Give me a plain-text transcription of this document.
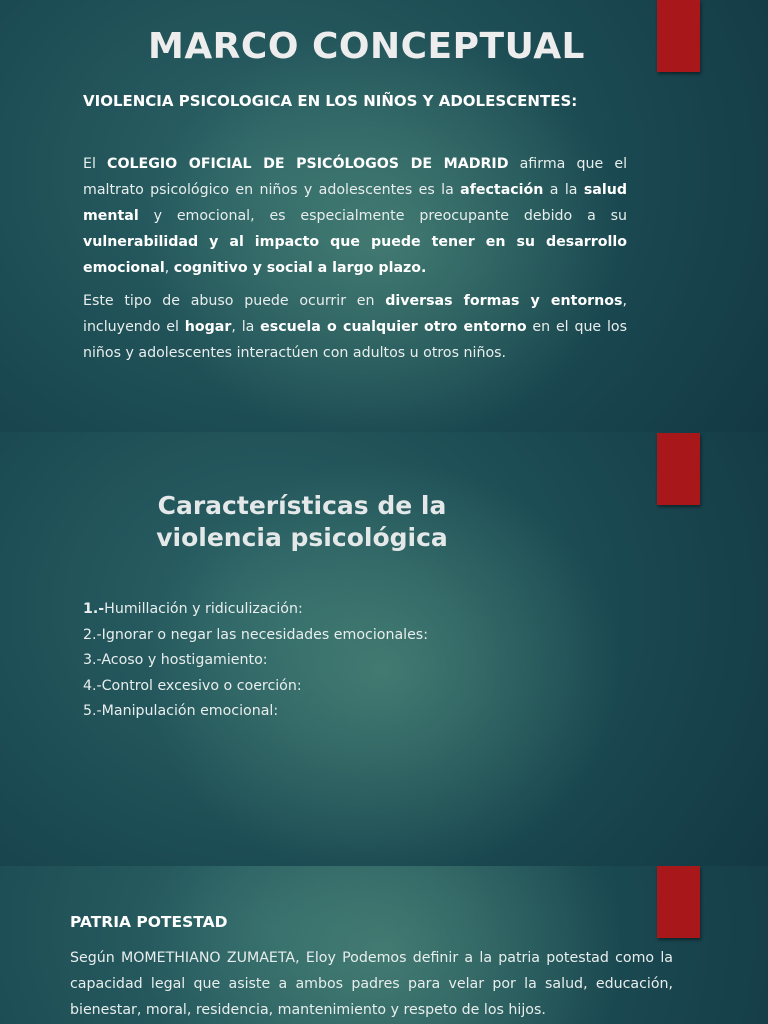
MARCO CONCEPTUAL
VIOLENCIA PSICOLOGICA EN LOS NIÑOS Y ADOLESCENTES:

El COLEGIO OFICIAL DE PSICÓLOGOS DE MADRID afirma que el maltrato psicológico en niños y adolescentes es la afectación a la salud mental y emocional, es especialmente preocupante debido a su vulnerabilidad y al impacto que puede tener en su desarrollo emocional, cognitivo y social a largo plazo.

Este tipo de abuso puede ocurrir en diversas formas y entornos, incluyendo el hogar, la escuela o cualquier otro entorno en el que los niños y adolescentes interactúen con adultos u otros niños.

Características de la violencia psicológica
1.-Humillación y ridiculización:
2.-Ignorar o negar las necesidades emocionales:
3.-Acoso y hostigamiento:
4.-Control excesivo o coerción:
5.-Manipulación emocional:
PATRIA POTESTAD

Según MOMETHIANO ZUMAETA, Eloy Podemos definir a la patria potestad como la capacidad legal que asiste a ambos padres para velar por la salud, educación, bienestar, moral, residencia, mantenimiento y respeto de los hijos.
